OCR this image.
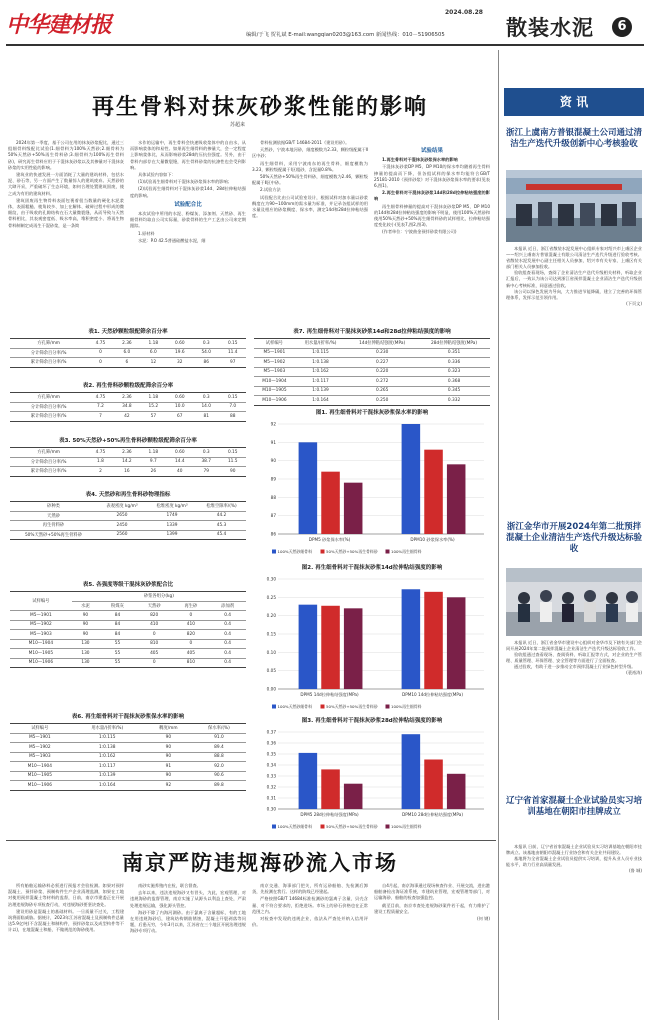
中华建材报	2024.08.28
编辑/于飞 贺礼斌 E-mail:wangqian0203@163.com 新闻热线：010－51906505	散装水泥	6
再生骨料对抹灰砂浆性能的影响
苏超来

2024年第一季度，基于公司在用的抹灰砂浆配比，通过三组细骨料级配比试验(1.细骨料为100%天然砂;2.细骨料为50%天然砂+50%再生骨料砂;3.细骨料为100%再生骨料砂)，研究再生骨料应用于干混抹灰砂浆以及其掺量对干混抹灰砂浆的实用性能的影响。

建筑业的快速发展一方面消耗了大量的建筑材料，包括水泥、砂石等，另一方面产生了数量惊人的建筑废弃。天然砂的大肆开采，严重破坏了生态环境，如何合理处置建筑固废，使之成为有用的建筑材料。

建筑固废再生物骨料表面包裹着很当数量的硬化水泥浆体，表面粗糙、棱角较多、加上在解体、破碎过程中形成的微细纹，由于吸收的孔隙结构在石大量微裂缝，从而导致与天然骨料相比，其表观密度低、吸水率高，堆积密度小、将再生物骨料制制定成再生干混砂浆，是一条简

水作的运输中，再生骨料会快速吸收浆体中的自由水，从而影响浆体的和易性。如果再生细骨料的掺量大，会一定程度上影响浆体比，从而影响砂浆28d的压抗拉强度。另外，由于骨料内部存在大量微裂缝，再生骨料砂浆的抗渗性也会受到影响。

具体试验内容如下：

(1)试验再生细骨料对干混抹灰砂浆保水率的影响；

(2)试验再生细骨料对干混抹灰砂浆14d、28d拉伸粘结强度的影响。

试验配合比

本次试验中所用的水泥、粉煤灰、添加剂、天然砂、再生细骨料均取自公司实际量，砂浆骨料的生产工艺由公司来定期跟踪。

1.原材料

水泥：P.O 42.5普通硅酸盐水泥，细

骨料检测依据GB/T 14684-2011《建设用砂》。

天然砂，宁波本地河砂，细度模数为2.33，颗粒级配属于Ⅱ区中砂；

再生细骨料，采用宁波南东的再生骨料，细度模数为3.23，颗粒级配属于Ⅰ区粗砂，含泥量0.8%。

50%天然砂+50%再生骨料砂，细度模数为2.46，颗粒级配属于Ⅱ区中砂。

2.试验方法

试验配合比由公司试验室设计，根据试样对加水量以砂浆稠度在为90~100mm的需水量为标准，并记录各组试样的用水量及相应的砂浆稠度、保水率，测定14d和28d拉伸粘结强度。

试验结果

1.再生骨料对干混抹灰砂浆保水率的影响

干混抹灰砂浆DP M5、DP M10的保水率均随着再生骨料掺量的提高而下降，但各组试样的保水率均能符合GB/T 25181-2010《预拌砂浆》对干混抹灰砂浆保水率的要求(见表6,图1)。

2.再生骨料对干混抹灰砂浆14d和28d拉伸粘结强度的影响

再生细骨料掺量的提高对干混抹灰砂浆DP M5、DP M10的14d和28d拉伸粘结强度的影响不明显，使用100%天然砂和使用50%天然砂+50%再生细骨料砂的试样相比，拉伸粘结强度变化较小(见表7,图2,图3)。

(作者单位：宁波曲金预拌砂浆有限公司)

表1. 天然砂颗粒级配筛余百分率
方孔筛/mm	4.75	2.36	1.18	0.60	0.3	0.15
分计筛余百分率/%	0	6.0	6.0	19.6	54.0	11.4
累计筛余百分率/%	0	6	12	32	86	97
表2. 再生骨料砂颗粒级配筛余百分率
方孔筛/mm	4.75	2.36	1.18	0.60	0.3	0.15
分计筛余百分率/%	7.2	34.8	15.2	10.0	14.0	7.0
累计筛余百分率/%	7	42	57	67	81	88
表3. 50%天然砂+50%再生骨料砂颗粒级配筛余百分率
方孔筛/mm	4.75	2.36	1.18	0.60	0.3	0.15
分计筛余百分率/%	1.8	14.2	9.7	14.4	38.7	11.5
累计筛余百分率/%	2	16	26	40	79	90
表4. 天然砂和再生骨料砂物理指标
砂种类	表观密度 kg/m³	松堆密度 kg/m³	松堆空隙率/(%)
天然砂	2650	1749	44.2
再生骨料砂	2450	1339	45.3
50%天然砂+50%再生骨料砂	2560	1399	45.4
表5. 各强度等级干混抹灰砂浆配合比
试样编号	砂浆各组分(kg)				
	水泥	粉煤灰	天然砂	再生砂	添加剂
M5—1901	90	84	820	0	0.4
M5—1902	90	84	410	410	0.4
M5—1903	90	84	0	820	0.4
M10—1904	130	55	810	0	0.4
M10—1905	130	55	405	405	0.4
M10—1906	130	55	0	810	0.4
表6. 再生细骨料对干混抹灰砂浆保水率的影响
试样编号	用水量/(折率/%)	稠度/mm	保水率/(%)
M5—1901	1:0.115	90	91.0
M5—1902	1:0.138	90	89.4
M5—1903	1:0.162	90	88.8
M10—1904	1:0.117	91	92.0
M10—1905	1:0.139	90	90.6
M10—1906	1:0.164	92	89.8
表7. 再生细骨料对干混抹灰砂浆14d和28d拉伸粘结强度的影响
试样编号	用水量/(折率/%)	14d拉伸粘结强度(MPa)	28d拉伸粘结强度(MPa)
M5—1901	1:0.115	0.230	0.351
M5—1902	1:0.138	0.227	0.336
M5—1903	1:0.162	0.220	0.323
M10—1904	1:0.117	0.272	0.368
M10—1905	1:0.139	0.265	0.345
M10—1906	1:0.164	0.250	0.332
图1. 再生细骨料对干混抹灰砂浆保水率的影响
86
87
88
89
90
91
92
DPM5 砂浆保水率(%)	DPM10 砂浆保水率(%)
100%天然砂细骨料	50%天然砂+50%再生骨料砂	100%再生细骨料
图2. 再生细骨料对干混抹灰砂浆14d拉伸粘结强度的影响
0.00
0.05
0.10
0.15
0.20
0.25
0.30
DPM5 14d拉伸粘结强度(MPa)	DPM10 14d拉伸粘结强度(MPa)
100%天然砂细骨料	50%天然砂+50%再生骨料砂	100%再生细骨料
图3. 再生细骨料对干混抹灰砂浆28d拉伸粘结强度的影响
0.30
0.31
0.32
0.33
0.34
0.35
0.36
0.37
DPM5 28d拉伸粘结强度(MPa)	DPM10 28d拉伸粘结强度(MPa)
100%天然砂细骨料	50%天然砂+50%再生骨料砂	100%再生细骨料
南京严防违规海砂流入市场

所有船舶运输砂料必须进行预报才会验检测。如果对预拌混凝土、预拌砂浆、预制构件生产企业清理监测，如果在工地对使用预拌混凝土等材料的监督，日前，南京市建委正在开展治理违规海砂专项检查行动，对违规海砂要坚决查处。

建设用砂是混凝土的基础材料。一旦质量不过关，工程建筑将面临威胁。据统计，2023年江苏省混凝土及预制构件总量达5.9亿吨(不含混凝土和制构件，预拌砂浆以及成型构件等不计以)，在地混凝土和船，不做规范的海砂使用。

南砂实施养殖内在检，联合督查。

去年以来，违法违规海砂又有冒头，为此，宏观管理、对违规海砂的监督管理，南京实施了从源头以利益上查处，严肃处理违规运输，强化源头管控。

海砂不除了内海河湖砂。由于氯离子含量超标，有的工地在用违规海砂后，建筑结构钢筋锈蚀，混凝土开裂剥落等问题，后患无穷，今年3月以来，江苏省在三个地区开展治理违规海砂专项行动。

南京交通、海事部门把关，所有运砂船舶、先检测后卸货，先检测在我行。这样的防线已经建起。

严格按照GB/T 14684标准检测砂的氯离子含量、贝壳含量、对不符合要求的，拒绝进场。市场上的砂石价格也在正常范围之内。

对检查中发现的违规企业，依法从严查处并纳入信用评价。

自4月起，南京海事通过现场核查作业、开展交流，进出港船舶备检出海证准系统，市建筑业管理，宏观管理等部门，对运输海砂、船舶的检查加强监控。

截至目前，南京市查处违规海砂案件若干起，有力维护了建设工程质量安全。

(何 钢)

资 讯
浙江上虞南方普银混凝土公司通过清洁生产迭代升级创新中心考核验收

本报讯 近日，浙江省散装水泥发展中心组织专家对绍兴市上虞区企业——绍兴上虞南方普银混凝土有限公司清洁生产迭代升级进行验收考核。省散装水泥发展中心副主任相关人员参加，绍兴市有关专家、上虞区有关部门相关人员参加验收。

验收组查看现场，查阅了企业清洁生产迭代升级相关材料，听取企业汇报后，一致认为该公司达到浙江省预拌混凝土企业清洁生产迭代升级创新中心考核标准，同意通过验收。

该公司以绿色发展为导向，大力推进节能降碳，建立了完善的环保管理体系，发挥示范引领作用。

(下页文)

浙江金华市开展2024年第二批预拌混凝土企业清洁生产迭代升级达标验收

本报讯 近日，浙江省金华市建设中心组织对金华市及下辖有关部门会同开展2024年第二批预拌混凝土企业清洁生产迭代升级达标验收工作。

验收组通过查看现场、查阅资料、听取汇报等方式，对企业的生产管理、质量管理、环保管理、安全管理等方面进行了全面检查。

通过验收，有助于进一步推动全市预拌混凝土行业绿色转型升级。

(裴裕涛)

辽宁省首家混凝土企业试验员实习培训基地在朝阳市挂牌成立

本报讯 日前，辽宁省首家混凝土企业试验员实习培训基地在朝阳市挂牌成立。该基地由朝阳市混凝土行业协会和有关企业共同建设。

基地将为全省混凝土企业试验员提供实习培训，提升从业人员专业技能水平，助力行业高质量发展。

(鲁 城)
